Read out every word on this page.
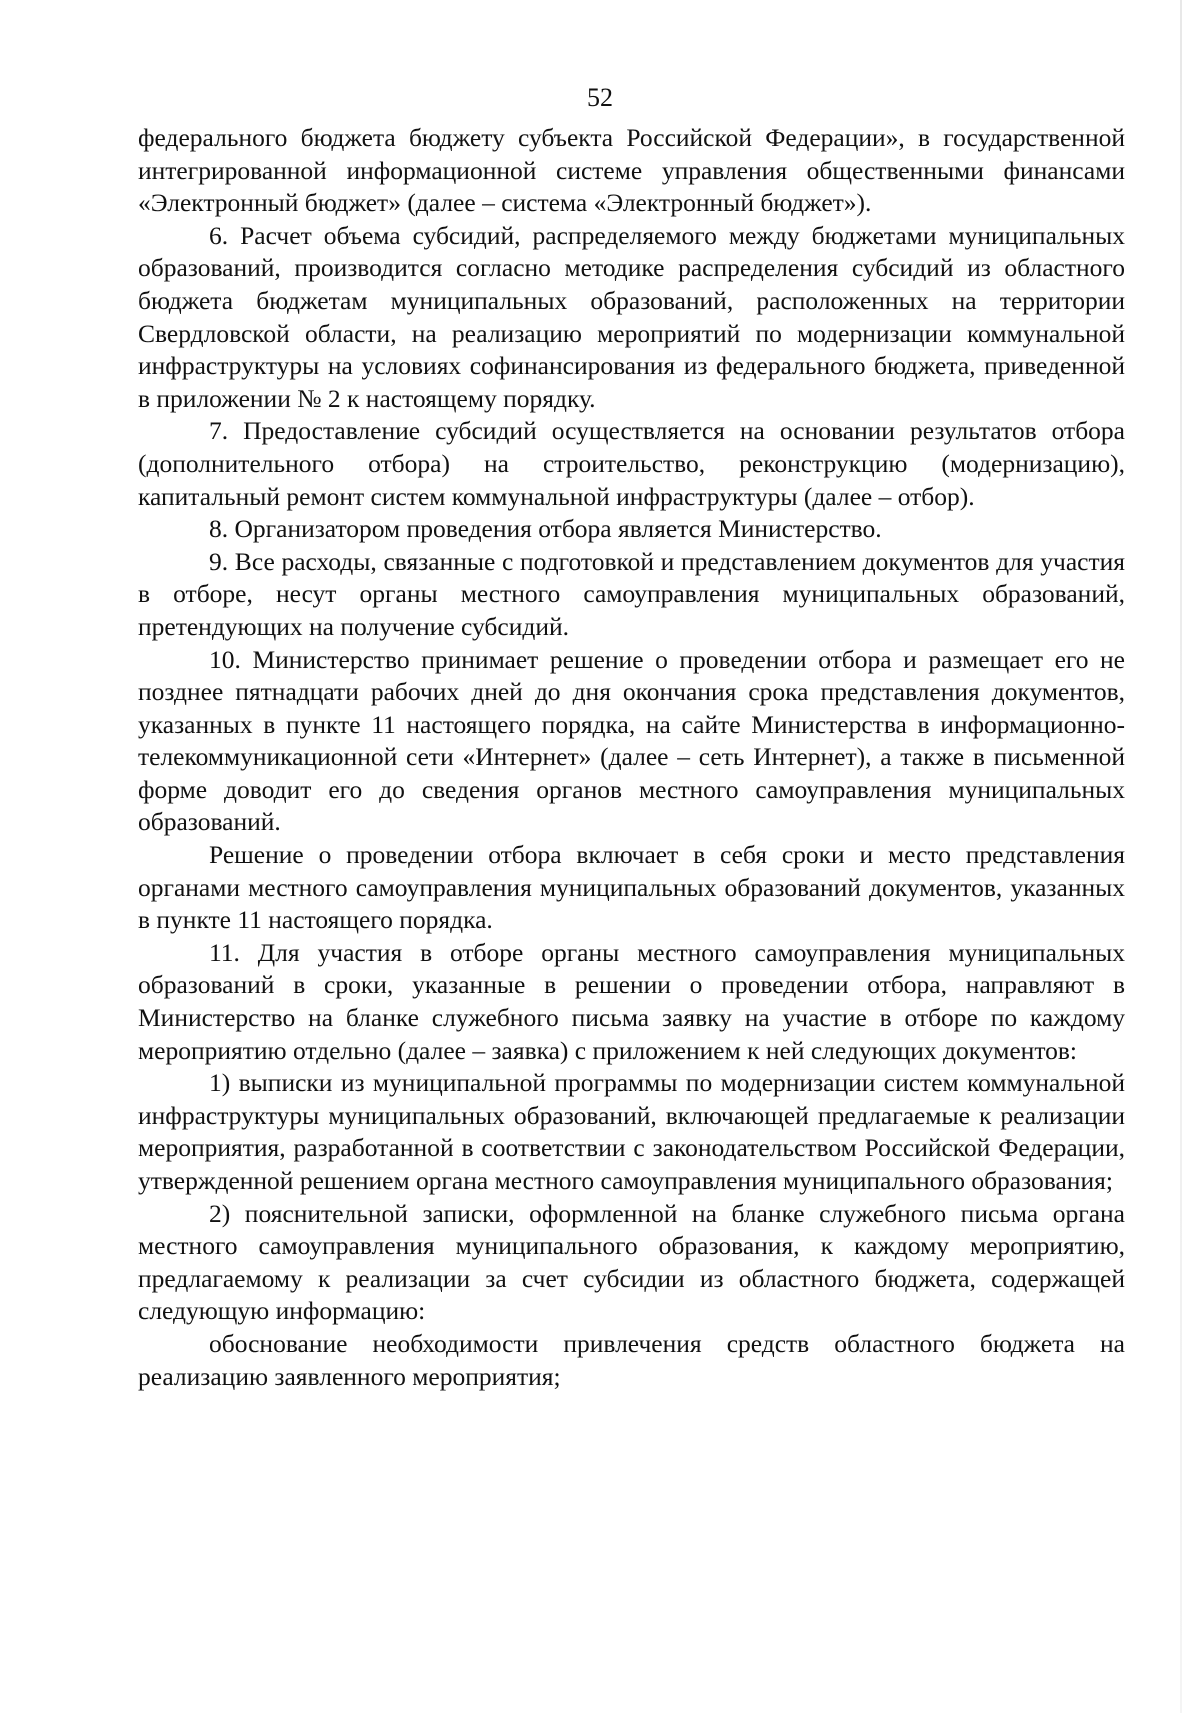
52

федерального бюджета бюджету субъекта Российской Федерации», в государственной интегрированной информационной системе управления общественными финансами «Электронный бюджет» (далее – система «Электронный бюджет»).

6. Расчет объема субсидий, распределяемого между бюджетами муниципальных образований, производится согласно методике распределения субсидий из областного бюджета бюджетам муниципальных образований, расположенных на территории Свердловской области, на реализацию мероприятий по модернизации коммунальной инфраструктуры на условиях софинансирования из федерального бюджета, приведенной в приложении № 2 к настоящему порядку.

7. Предоставление субсидий осуществляется на основании результатов отбора (дополнительного отбора) на строительство, реконструкцию (модернизацию), капитальный ремонт систем коммунальной инфраструктуры (далее – отбор).

8. Организатором проведения отбора является Министерство.

9. Все расходы, связанные с подготовкой и представлением документов для участия в отборе, несут органы местного самоуправления муниципальных образований, претендующих на получение субсидий.

10. Министерство принимает решение о проведении отбора и размещает его не позднее пятнадцати рабочих дней до дня окончания срока представления документов, указанных в пункте 11 настоящего порядка, на сайте Министерства в информационно-телекоммуникационной сети «Интернет» (далее – сеть Интернет), а также в письменной форме доводит его до сведения органов местного самоуправления муниципальных образований.

Решение о проведении отбора включает в себя сроки и место представления органами местного самоуправления муниципальных образований документов, указанных в пункте 11 настоящего порядка.

11. Для участия в отборе органы местного самоуправления муниципальных образований в сроки, указанные в решении о проведении отбора, направляют в Министерство на бланке служебного письма заявку на участие в отборе по каждому мероприятию отдельно (далее – заявка) с приложением к ней следующих документов:

1) выписки из муниципальной программы по модернизации систем коммунальной инфраструктуры муниципальных образований, включающей предлагаемые к реализации мероприятия, разработанной в соответствии с законодательством Российской Федерации, утвержденной решением органа местного самоуправления муниципального образования;

2) пояснительной записки, оформленной на бланке служебного письма органа местного самоуправления муниципального образования, к каждому мероприятию, предлагаемому к реализации за счет субсидии из областного бюджета, содержащей следующую информацию:

обоснование необходимости привлечения средств областного бюджета на реализацию заявленного мероприятия;
